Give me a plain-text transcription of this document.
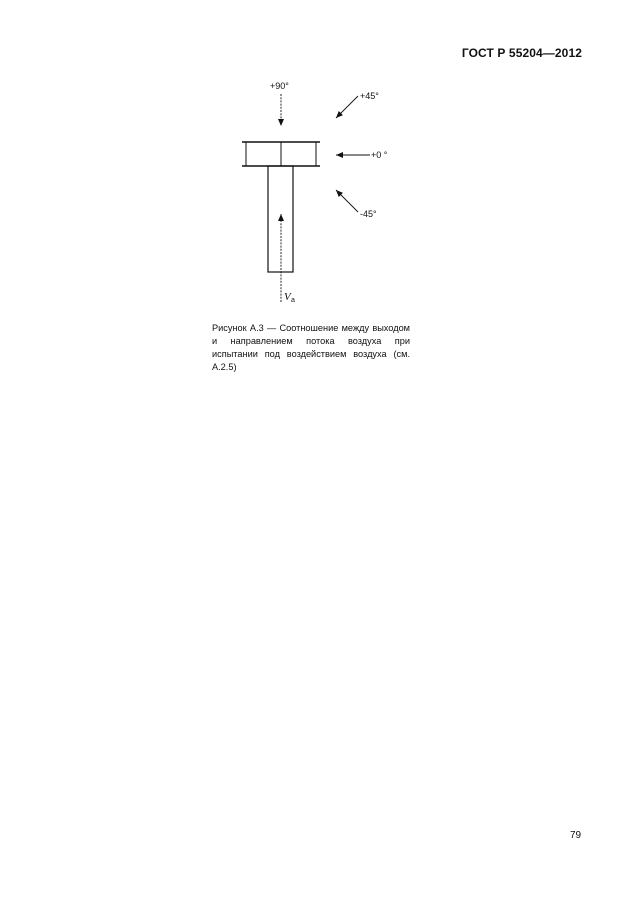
ГОСТ Р 55204—2012
+90°
+45°
+0 °
-45°
V a
Рисунок А.3 — Соотношение между выходом и направлением потока воздуха при испытании под воздействием воздуха (см. А.2.5)
79
